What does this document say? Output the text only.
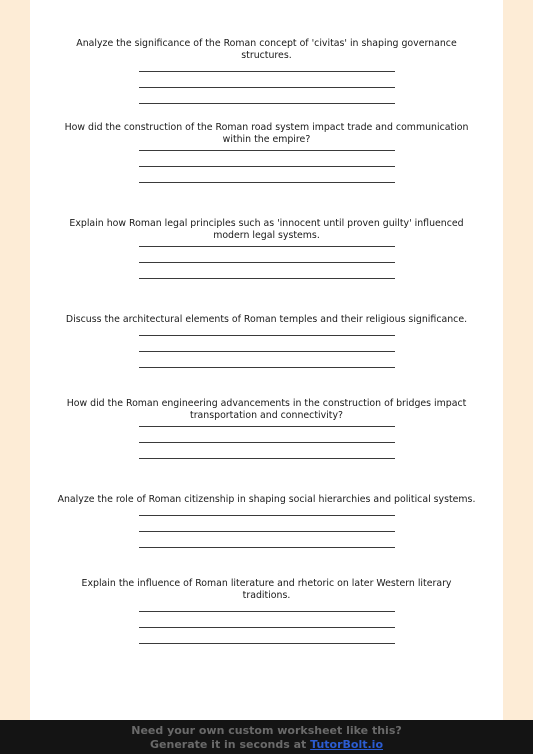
Analyze the significance of the Roman concept of 'civitas' in shaping governance structures.
How did the construction of the Roman road system impact trade and communication within the empire?
Explain how Roman legal principles such as 'innocent until proven guilty' influenced modern legal systems.
Discuss the architectural elements of Roman temples and their religious significance.
How did the Roman engineering advancements in the construction of bridges impact transportation and connectivity?
Analyze the role of Roman citizenship in shaping social hierarchies and political systems.
Explain the influence of Roman literature and rhetoric on later Western literary traditions.
Need your own custom worksheet like this?
Generate it in seconds at TutorBolt.io
